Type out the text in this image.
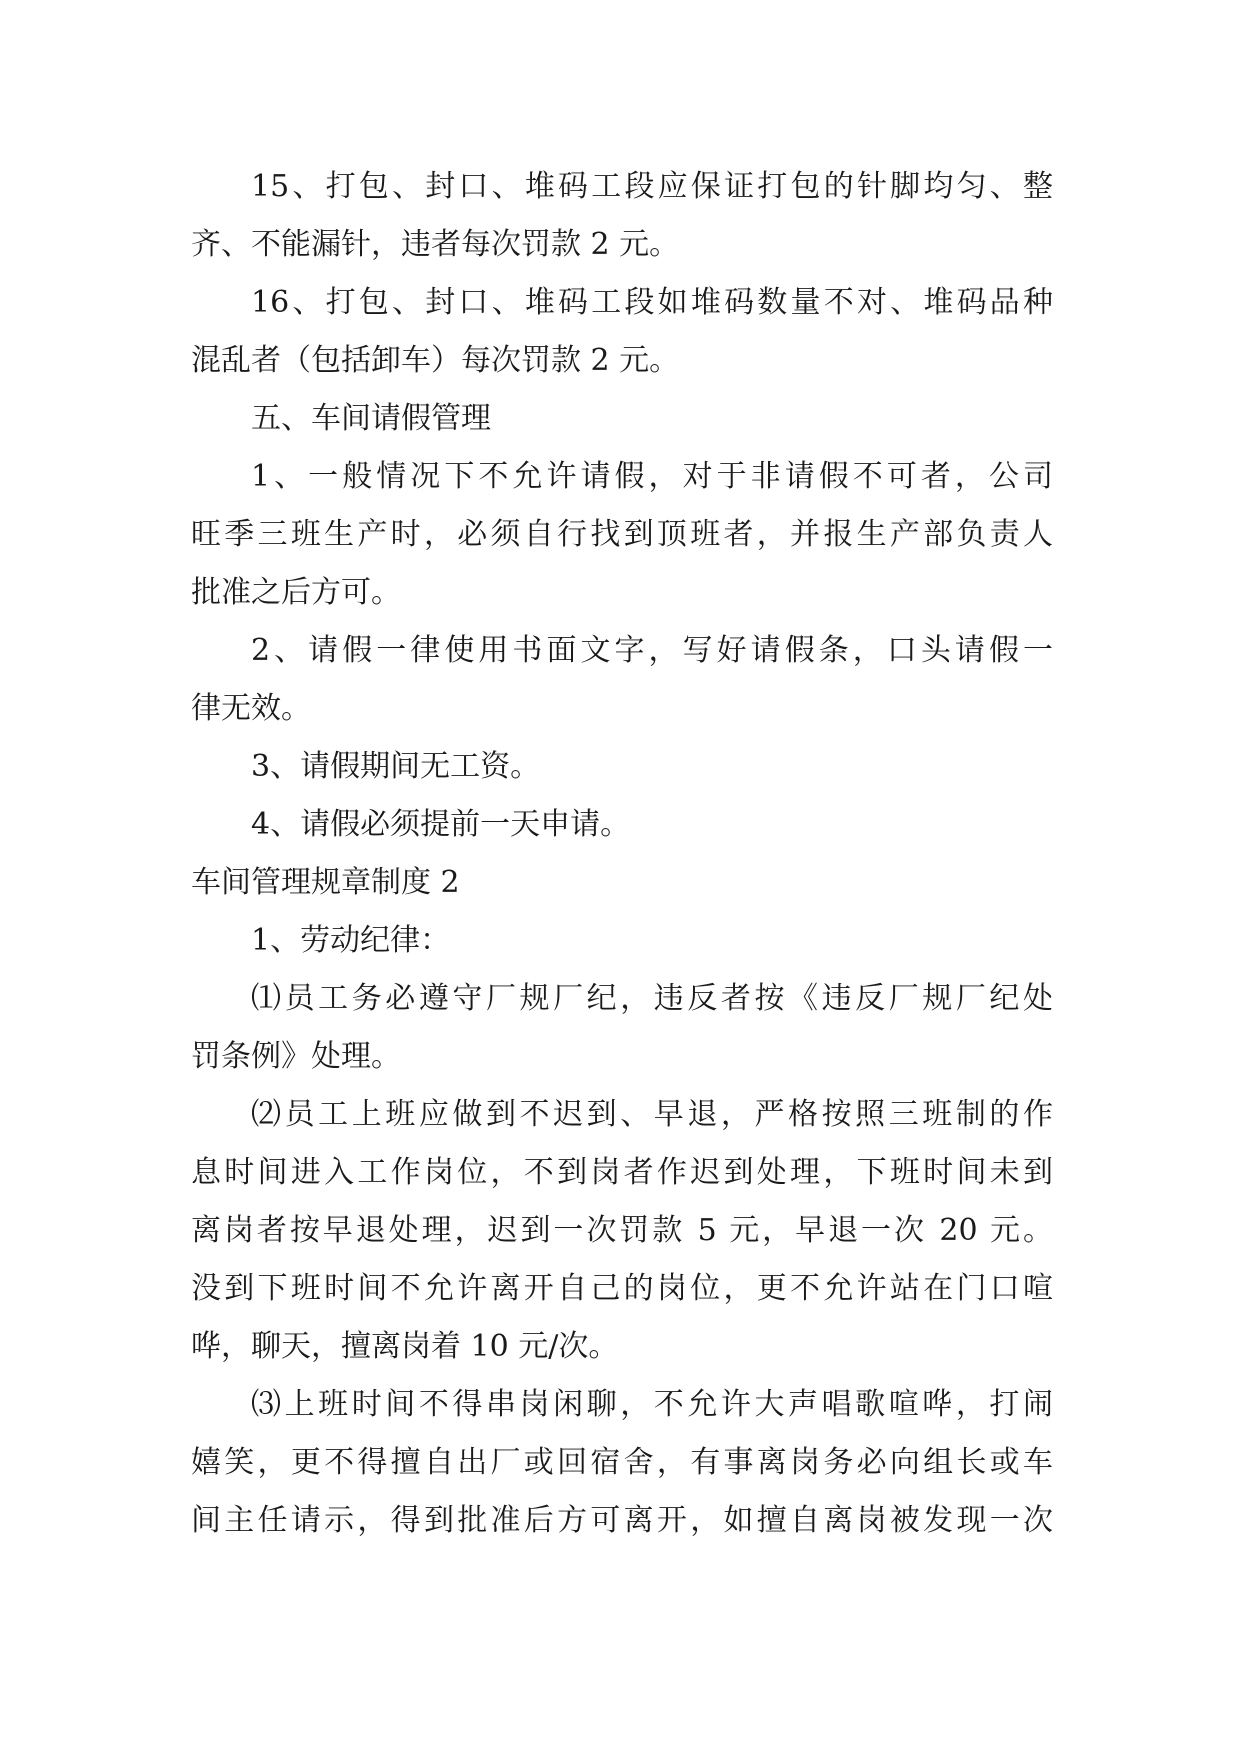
15、打包、封口、堆码工段应保证打包的针脚均匀、整
齐、不能漏针，违者每次罚款 2 元。
16、打包、封口、堆码工段如堆码数量不对、堆码品种
混乱者（包括卸车）每次罚款 2 元。
五、车间请假管理
1、一般情况下不允许请假，对于非请假不可者，公司
旺季三班生产时，必须自行找到顶班者，并报生产部负责人
批准之后方可。
2、请假一律使用书面文字，写好请假条，口头请假一
律无效。
3、请假期间无工资。
4、请假必须提前一天申请。
车间管理规章制度 2
1、劳动纪律：
⑴员工务必遵守厂规厂纪，违反者按《违反厂规厂纪处
罚条例》处理。
⑵员工上班应做到不迟到、早退，严格按照三班制的作
息时间进入工作岗位，不到岗者作迟到处理，下班时间未到
离岗者按早退处理，迟到一次罚款 5 元，早退一次 20 元。
没到下班时间不允许离开自己的岗位，更不允许站在门口喧
哗，聊天，擅离岗着 10 元/次。
⑶上班时间不得串岗闲聊，不允许大声唱歌喧哗，打闹
嬉笑，更不得擅自出厂或回宿舍，有事离岗务必向组长或车
间主任请示，得到批准后方可离开，如擅自离岗被发现一次
